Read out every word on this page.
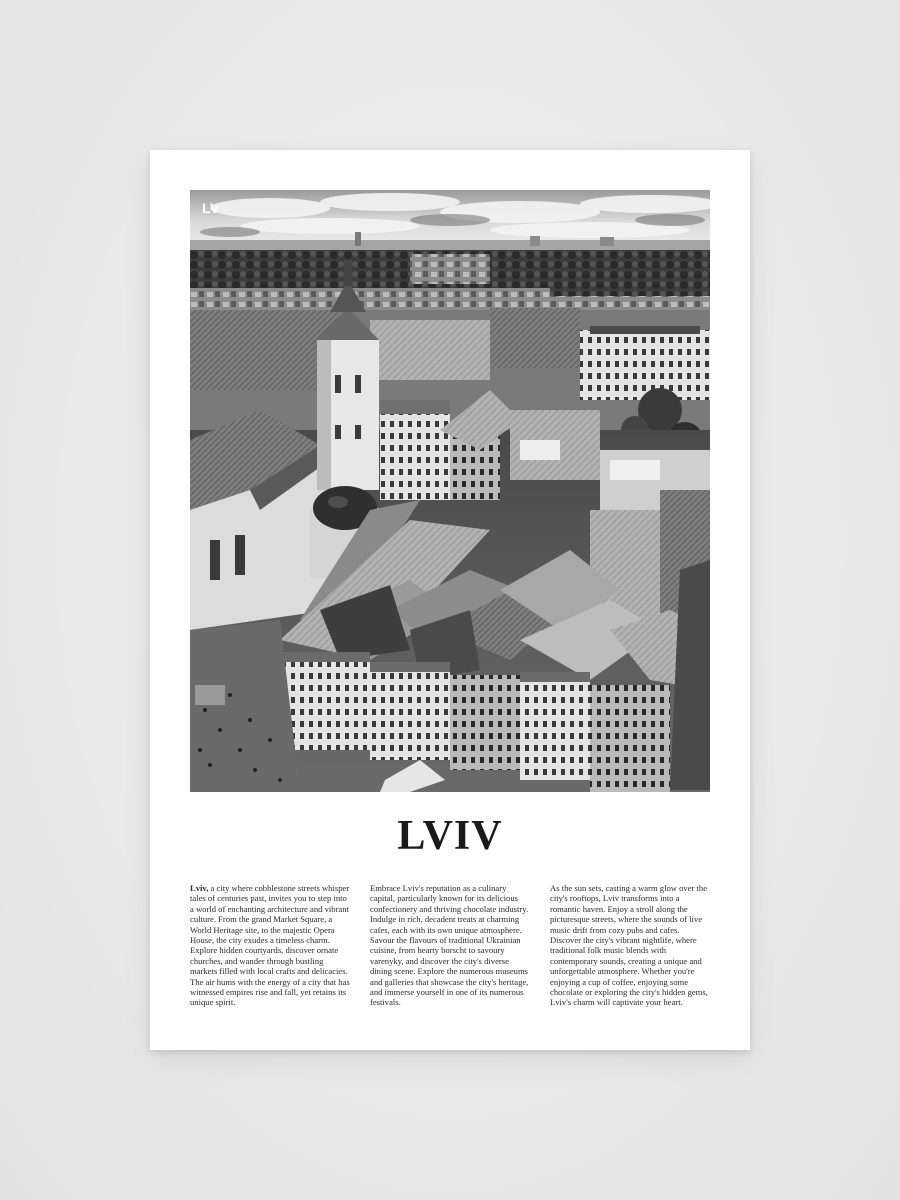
LV
LVIV
Lviv, a city where cobblestone streets whisper tales of centuries past, invites you to step into a world of enchanting architecture and vibrant culture. From the grand Market Square, a World Heritage site, to the majestic Opera House, the city exudes a timeless charm. Explore hidden courtyards, discover ornate churches, and wander through bustling markets filled with local crafts and delicacies. The air hums with the energy of a city that has witnessed empires rise and fall, yet retains its unique spirit.
Embrace Lviv's reputation as a culinary capital, particularly known for its delicious confectionery and thriving chocolate industry. Indulge in rich, decadent treats at charming cafes, each with its own unique atmosphere. Savour the flavours of traditional Ukrainian cuisine, from hearty borscht to savoury varenyky, and discover the city's diverse dining scene. Explore the numerous museums and galleries that showcase the city's heritage, and immerse yourself in one of its numerous festivals.
As the sun sets, casting a warm glow over the city's rooftops, Lviv transforms into a romantic haven. Enjoy a stroll along the picturesque streets, where the sounds of live music drift from cozy pubs and cafes. Discover the city's vibrant nightlife, where traditional folk music blends with contemporary sounds, creating a unique and unforgettable atmosphere. Whether you're enjoying a cup of coffee, enjoying some chocolate or exploring the city's hidden gems, Lviv's charm will captivate your heart.
